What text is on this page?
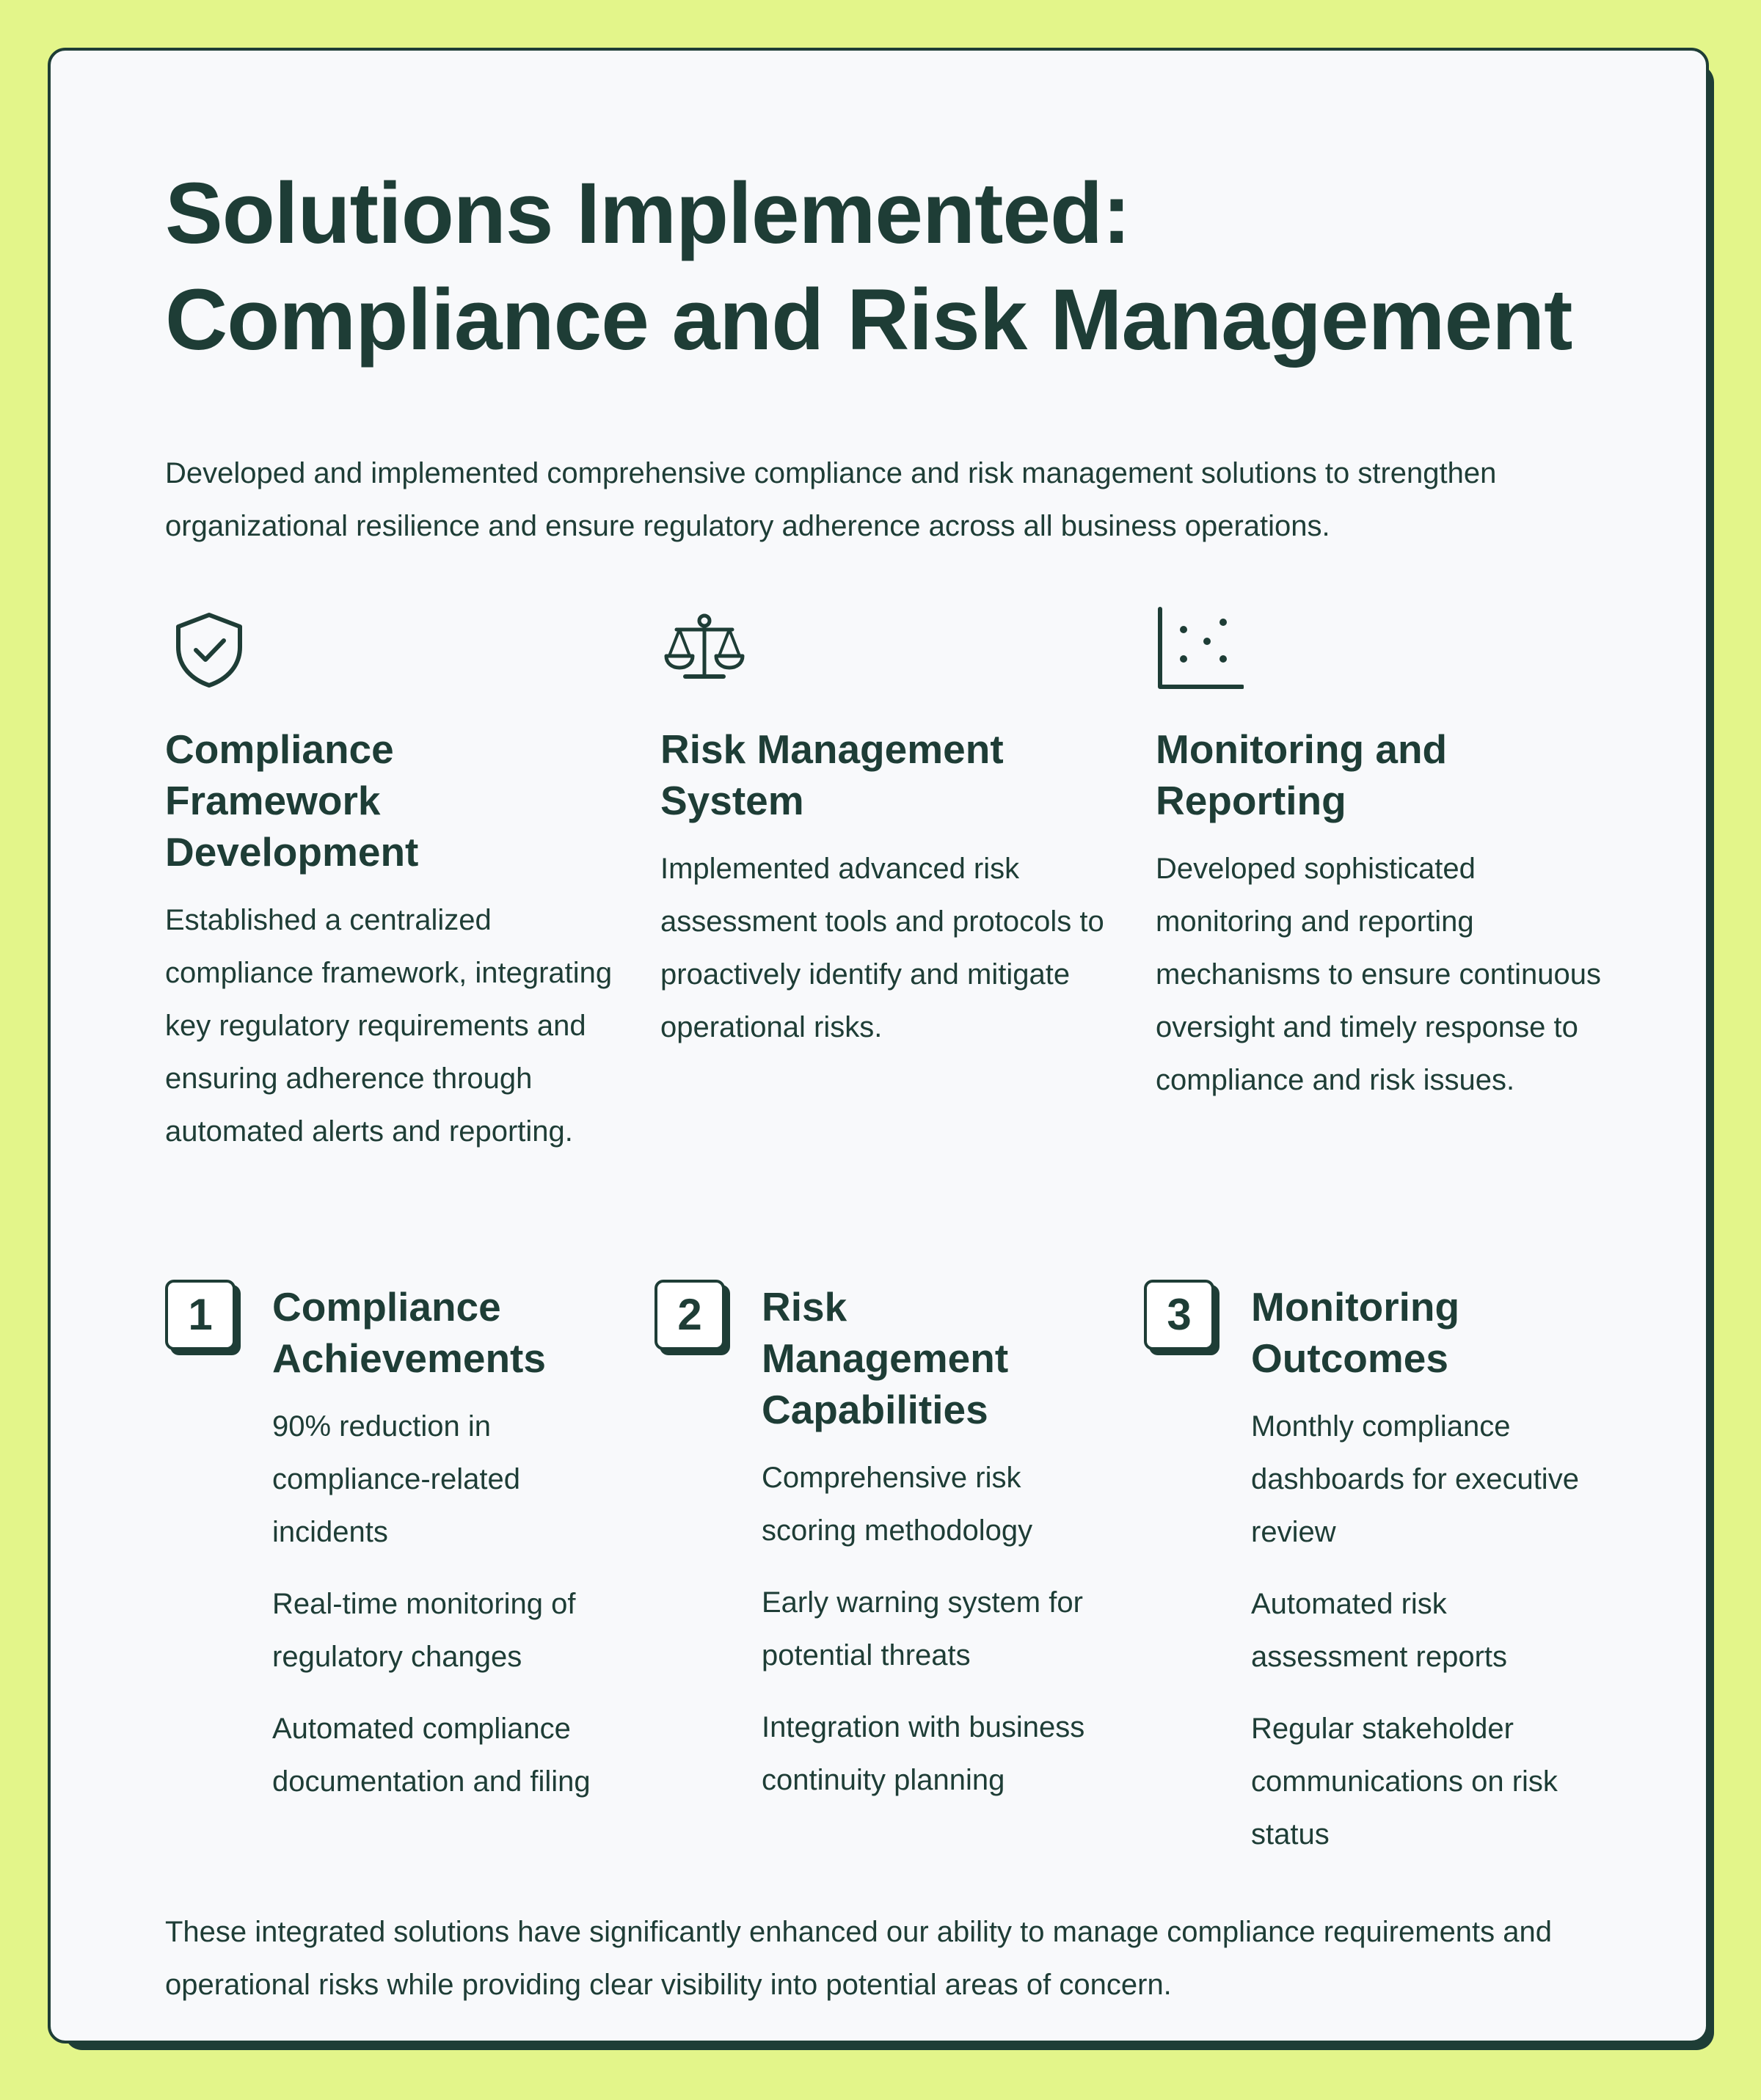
Solutions Implemented: Compliance and Risk Management

Developed and implemented comprehensive compliance and risk management solutions to strengthen organizational resilience and ensure regulatory adherence across all business operations.

Compliance Framework Development

Established a centralized compliance framework, integrating key regulatory requirements and ensuring adherence through automated alerts and reporting.

Risk Management System

Implemented advanced risk assessment tools and protocols to proactively identify and mitigate operational risks.

Monitoring and Reporting

Developed sophisticated monitoring and reporting mechanisms to ensure continuous oversight and timely response to compliance and risk issues.

1	Compliance Achievements
90% reduction in compliance-related incidents
Real-time monitoring of regulatory changes
Automated compliance documentation and filing
2	Risk Management Capabilities
Comprehensive risk scoring methodology
Early warning system for potential threats
Integration with business continuity planning
3	Monitoring Outcomes
Monthly compliance dashboards for executive review
Automated risk assessment reports
Regular stakeholder communications on risk status

These integrated solutions have significantly enhanced our ability to manage compliance requirements and operational risks while providing clear visibility into potential areas of concern.
